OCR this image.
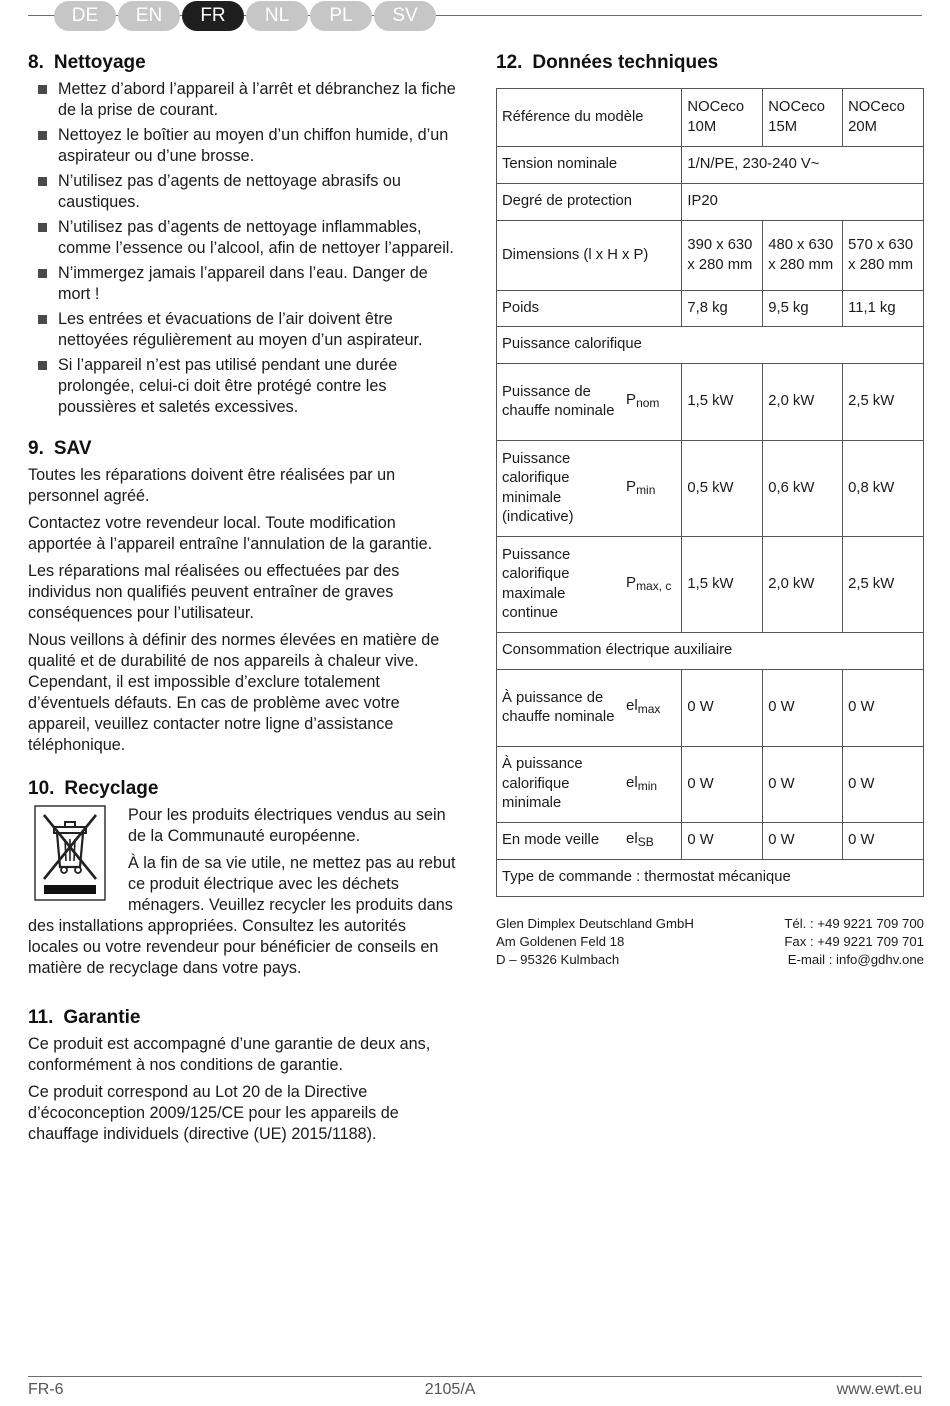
DE	EN	FR	NL	PL	SV
8. Nettoyage
Mettez d’abord l’appareil à l’arrêt et débranchez la fiche de la prise de courant.
Nettoyez le boîtier au moyen d’un chiffon humide, d’un aspirateur ou d’une brosse.
N’utilisez pas d’agents de nettoyage abrasifs ou caustiques.
N’utilisez pas d’agents de nettoyage inflammables, comme l’essence ou l’alcool, afin de nettoyer l’appareil.
N’immergez jamais l’appareil dans l’eau. Danger de mort !
Les entrées et évacuations de l’air doivent être nettoyées régulièrement au moyen d’un aspirateur.
Si l’appareil n’est pas utilisé pendant une durée prolongée, celui-ci doit être protégé contre les poussières et saletés excessives.
9. SAV

Toutes les réparations doivent être réalisées par un personnel agréé.

Contactez votre revendeur local. Toute modification apportée à l’appareil entraîne l’annulation de la garantie.

Les réparations mal réalisées ou effectuées par des individus non qualifiés peuvent entraîner de graves conséquences pour l’utilisateur.

Nous veillons à définir des normes élevées en matière de qualité et de durabilité de nos appareils à chaleur vive. Cependant, il est impossible d’exclure totalement d’éventuels défauts. En cas de problème avec votre appareil, veuillez contacter notre ligne d’assistance téléphonique.

10. Recyclage

Pour les produits électriques vendus au sein de la Communauté européenne.

À la fin de sa vie utile, ne mettez pas au rebut ce produit électrique avec les déchets ménagers. Veuillez recycler les produits dans des installations appropriées. Consultez les autorités locales ou votre revendeur pour bénéficier de conseils en matière de recyclage dans votre pays.

11. Garantie

Ce produit est accompagné d’une garantie de deux ans, conformément à nos conditions de garantie.

Ce produit correspond au Lot 20 de la Directive d’écoconception 2009/125/CE pour les appareils de chauffage individuels (directive (UE) 2015/1188).

12. Données techniques
Référence du modèle		NOCeco 10M	NOCeco 15M	NOCeco 20M
Tension nominale		1/N/PE, 230-240 V~		
Degré de protection		IP20		
Dimensions (l x H x P)		390 x 630 x 280 mm	480 x 630 x 280 mm	570 x 630 x 280 mm
Poids		7,8 kg	9,5 kg	11,1 kg
Puissance calorifique				
Puissance de chauffe nominale	$P_{nom}$	1,5 kW	2,0 kW	2,5 kW
Puissance calorifique minimale (indicative)	$P_{min}$	0,5 kW	0,6 kW	0,8 kW
Puissance calorifique maximale continue	$P_{max, c}$	1,5 kW	2,0 kW	2,5 kW
Consommation électrique auxiliaire				
À puissance de chauffe nominale	$el_{max}$	0 W	0 W	0 W
À puissance calorifique minimale	$el_{min}$	0 W	0 W	0 W
En mode veille	$el_{SB}$	0 W	0 W	0 W
Type de commande : thermostat mécanique				
Glen Dimplex Deutschland GmbH
Am Goldenen Feld 18
D – 95326 Kulmbach
Tél. : +49 9221 709 700
Fax : +49 9221 709 701
E-mail : info@gdhv.one
FR-6	2105/A	www.ewt.eu
